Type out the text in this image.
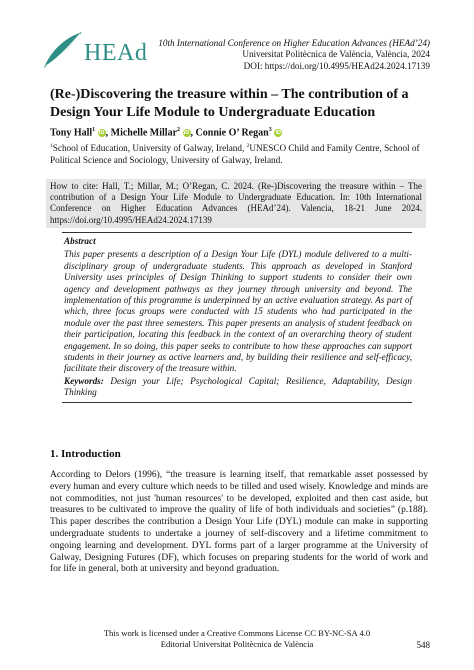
HEAd 10th International Conference on Higher Education Advances (HEAd’24)
Universitat Politècnica de València, València, 2024
DOI: https://doi.org/10.4995/HEAd24.2024.17139
(Re-)Discovering the treasure within – The contribution of a Design Your Life Module to Undergraduate Education
Tony Hall$^1$ iD, Michelle Millar$^2$ iD, Connie O’ Regan$^3$ iD
$^1$School of Education, University of Galway, Ireland, $^2$UNESCO Child and Family Centre, School of Political Science and Sociology, University of Galway, Ireland.
How to cite: Hall, T.; Millar, M.; O’Regan, C. 2024. (Re-)Discovering the treasure within – The contribution of a Design Your Life Module to Undergraduate Education. In: 10th International Conference on Higher Education Advances (HEAd’24). Valencia, 18-21 June 2024. https://doi.org/10.4995/HEAd24.2024.17139
Abstract

This paper presents a description of a Design Your Life (DYL) module delivered to a multi-disciplinary group of undergraduate students. This approach as developed in Stanford University uses principles of Design Thinking to support students to consider their own agency and development pathways as they journey through university and beyond. The implementation of this programme is underpinned by an active evaluation strategy. As part of which, three focus groups were conducted with 15 students who had participated in the module over the past three semesters. This paper presents an analysis of student feedback on their participation, locating this feedback in the context of an overarching theory of student engagement. In so doing, this paper seeks to contribute to how these approaches can support students in their journey as active learners and, by building their resilience and self-efficacy, facilitate their discovery of the treasure within.

Keywords: Design your Life; Psychological Capital; Resilience, Adaptability, Design Thinking
1. Introduction

According to Delors (1996), “the treasure is learning itself, that remarkable asset possessed by every human and every culture which needs to be tilled and used wisely. Knowledge and minds are not commodities, not just 'human resources' to be developed, exploited and then cast aside, but treasures to be cultivated to improve the quality of life of both individuals and societies” (p.188). This paper describes the contribution a Design Your Life (DYL) module can make in supporting undergraduate students to undertake a journey of self-discovery and a lifetime commitment to ongoing learning and development. DYL forms part of a larger programme at the University of Galway, Designing Futures (DF), which focuses on preparing students for the world of work and for life in general, both at university and beyond graduation.

This work is licensed under a Creative Commons License CC BY-NC-SA 4.0
Editorial Universitat Politècnica de València	548
